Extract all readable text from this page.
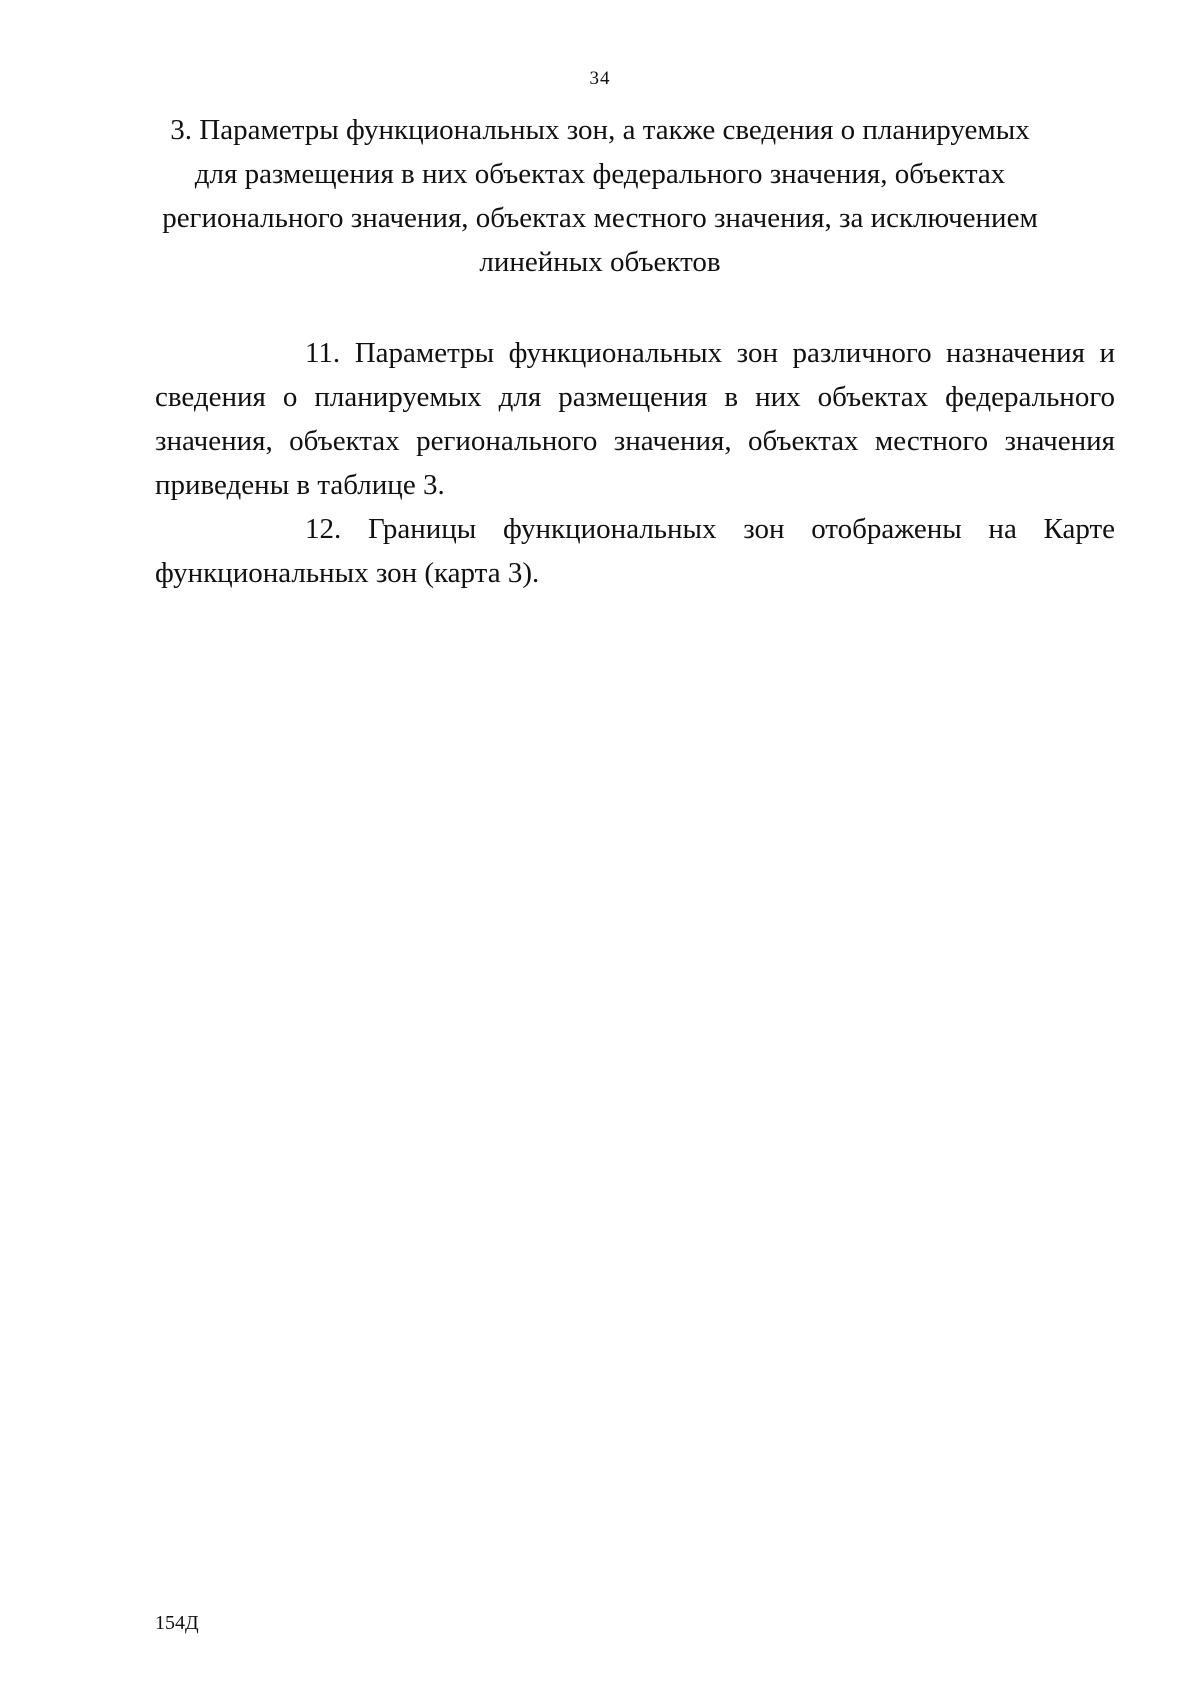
34
3. Параметры функциональных зон, а также сведения о планируемых
для размещения в них объектах федерального значения, объектах
регионального значения, объектах местного значения, за исключением
линейных объектов

11. Параметры функциональных зон различного назначения и сведения о планируемых для размещения в них объектах федерального значения, объектах регионального значения, объектах местного значения приведены в таблице 3.

12. Границы функциональных зон отображены на Карте функциональных зон (карта 3).

154Д
